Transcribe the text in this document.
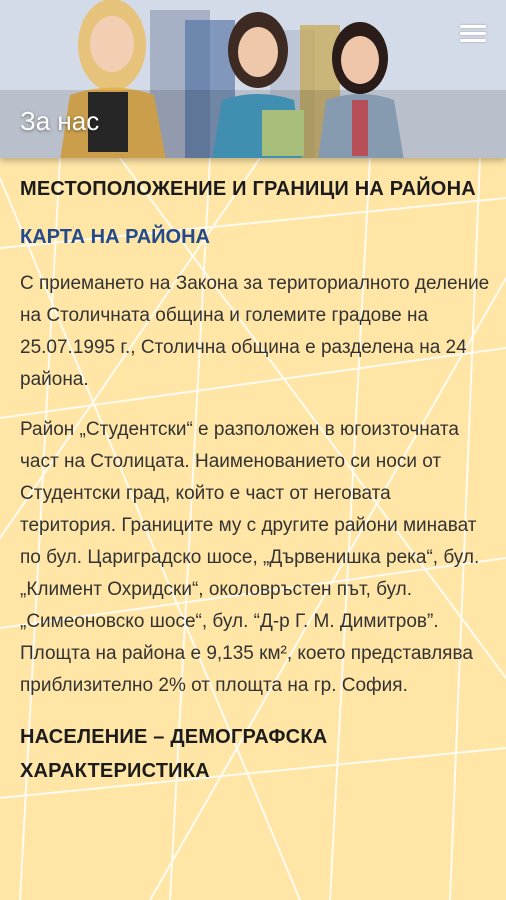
За нас
МЕСТОПОЛОЖЕНИЕ И ГРАНИЦИ НА РАЙОНА
КАРТА НА РАЙОНА

С приемането на Закона за териториалното деление на Столичната община и големите градове на 25.07.1995 г., Столична община е разделена на 24 района.

Район „Студентски“ е разположен в югоизточната част на Столицата. Наименованието си носи от Студентски град, който е част от неговата територия. Границите му с другите райони минават по бул. Цариградско шосе, „Дървенишка река“, бул. „Климент Охридски“, околовръстен път, бул. „Симеоновско шосе“, бул. “Д-р Г. М. Димитров”. Площта на района е 9,135 км², което представлява приблизително 2% от площта на гр. София.

НАСЕЛЕНИЕ – ДЕМОГРАФСКА ХАРАКТЕРИСТИКА
